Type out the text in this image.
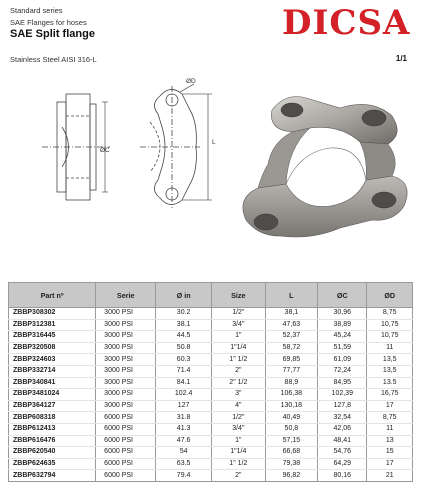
Standard series
SAE Flanges for hoses
SAE Split flange	DICSA
Stainless Steel AISI 316-L	1/1
ØC
ØD
L
Part nº	Serie	Ø in	Size	L	ØC	ØD
ZBBP308302	3000 PSI	30.2	1/2"	38,1	30,96	8,75
ZBBP312381	3000 PSI	38.1	3/4"	47,63	38,89	10,75
ZBBP316445	3000 PSI	44.5	1"	52,37	45,24	10,75
ZBBP320508	3000 PSI	50.8	1"1/4	58,72	51,59	11
ZBBP324603	3000 PSI	60.3	1" 1/2	69,85	61,09	13,5
ZBBP332714	3000 PSI	71.4	2"	77,77	72,24	13,5
ZBBP340841	3000 PSI	84.1	2" 1/2	88,9	84,95	13.5
ZBBP3481024	3000 PSI	102.4	3"	106,38	102,39	16,75
ZBBP364127	3000 PSI	127	4"	130,18	127,8	17
ZBBP608318	6000 PSI	31.8	1/2"	40,49	32,54	8,75
ZBBP612413	6000 PSI	41.3	3/4"	50,8	42,06	11
ZBBP616476	6000 PSI	47.6	1"	57,15	48,41	13
ZBBP620540	6000 PSI	54	1"1/4	66,68	54,76	15
ZBBP624635	6000 PSI	63.5	1" 1/2	79,38	64,29	17
ZBBP632794	6000 PSI	79.4	2"	96,82	80,16	21
